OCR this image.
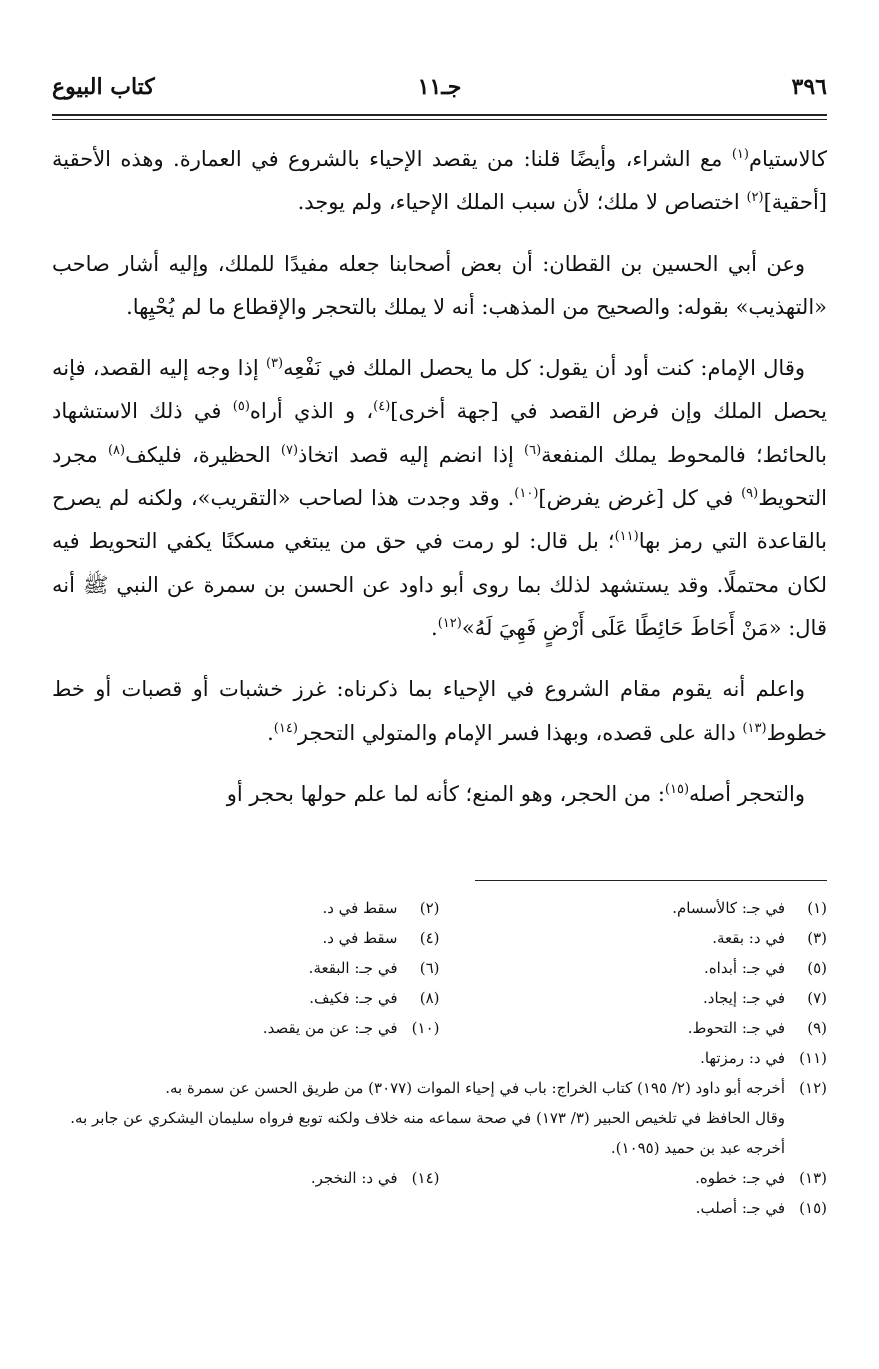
٣٩٦
جـ١١
كتاب البيوع

كالاستيام$^{(١)}$ مع الشراء، وأيضًا قلنا: من يقصد الإحياء بالشروع في العمارة. وهذه الأحقية [أحقية]$^{(٢)}$ اختصاص لا ملك؛ لأن سبب الملك الإحياء، ولم يوجد.

وعن أبي الحسين بن القطان: أن بعض أصحابنا جعله مفيدًا للملك، وإليه أشار صاحب «التهذيب» بقوله: والصحيح من المذهب: أنه لا يملك بالتحجر والإقطاع ما لم يُحْيِها.

وقال الإمام: كنت أود أن يقول: كل ما يحصل الملك في نَفْعِه$^{(٣)}$ إذا وجه إليه القصد، فإنه يحصل الملك وإن فرض القصد في [جهة أخرى]$^{(٤)}$، و الذي أراه$^{(٥)}$ في ذلك الاستشهاد بالحائط؛ فالمحوط يملك المنفعة$^{(٦)}$ إذا انضم إليه قصد اتخاذ$^{(٧)}$ الحظيرة، فليكف$^{(٨)}$ مجرد التحويط$^{(٩)}$ في كل [غرض يفرض]$^{(١٠)}$. وقد وجدت هذا لصاحب «التقريب»، ولكنه لم يصرح بالقاعدة التي رمز بها$^{(١١)}$؛ بل قال: لو رمت في حق من يبتغي مسكنًا يكفي التحويط فيه لكان محتملًا. وقد يستشهد لذلك بما روى أبو داود عن الحسن بن سمرة عن النبي ﷺ أنه قال: «مَنْ أَحَاطَ حَائِطًا عَلَى أَرْضٍ فَهِيَ لَهُ»$^{(١٢)}$.

واعلم أنه يقوم مقام الشروع في الإحياء بما ذكرناه: غرز خشبات أو قصبات أو خط خطوط$^{(١٣)}$ دالة على قصده، وبهذا فسر الإمام والمتولي التحجر$^{(١٤)}$.

والتحجر أصله$^{(١٥)}$: من الحجر، وهو المنع؛ كأنه لما علم حولها بحجر أو

(١)
في جـ: كالأسسام.
(٢)
سقط في د.
(٣)
في د: بقعة.
(٤)
سقط في د.
(٥)
في جـ: أبداه.
(٦)
في جـ: البقعة.
(٧)
في جـ: إيجاد.
(٨)
في جـ: فكيف.
(٩)
في جـ: التحوط.
(١٠)
في جـ: عن من يقصد.
(١١)
في د: رمزتها.
(١٢)
أخرجه أبو داود (٢/ ١٩٥) كتاب الخراج: باب في إحياء الموات (٣٠٧٧) من طريق الحسن عن سمرة به.
وقال الحافظ في تلخيص الحبير (٣/ ١٧٣) في صحة سماعه منه خلاف ولكنه توبع فرواه سليمان اليشكري عن جابر به.
أخرجه عبد بن حميد (١٠٩٥).
(١٣)
في جـ: خطوه.
(١٤)
في د: النخجر.
(١٥)
في جـ: أصلب.
